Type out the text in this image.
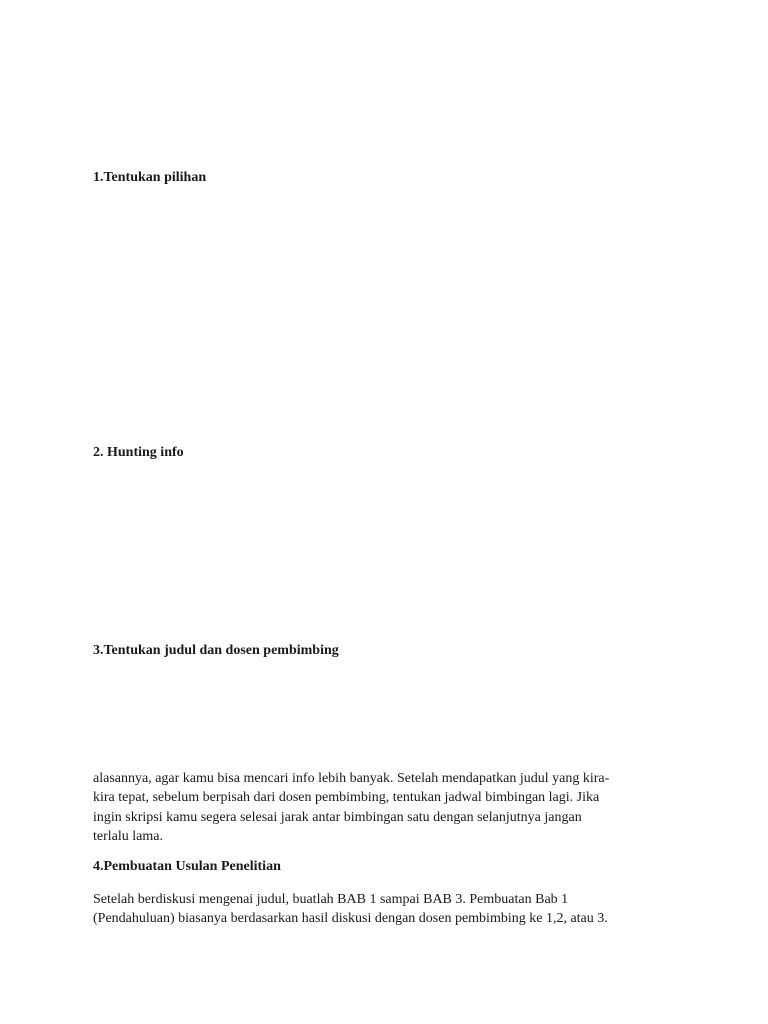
1.Tentukan pilihan
2. Hunting info
3.Tentukan judul dan dosen pembimbing

alasannya, agar kamu bisa mencari info lebih banyak. Setelah mendapatkan judul yang kira-
kira tepat, sebelum berpisah dari dosen pembimbing, tentukan jadwal bimbingan lagi. Jika
ingin skripsi kamu segera selesai jarak antar bimbingan satu dengan selanjutnya jangan
terlalu lama.

4.Pembuatan Usulan Penelitian

Setelah berdiskusi mengenai judul, buatlah BAB 1 sampai BAB 3. Pembuatan Bab 1
(Pendahuluan) biasanya berdasarkan hasil diskusi dengan dosen pembimbing ke 1,2, atau 3.
